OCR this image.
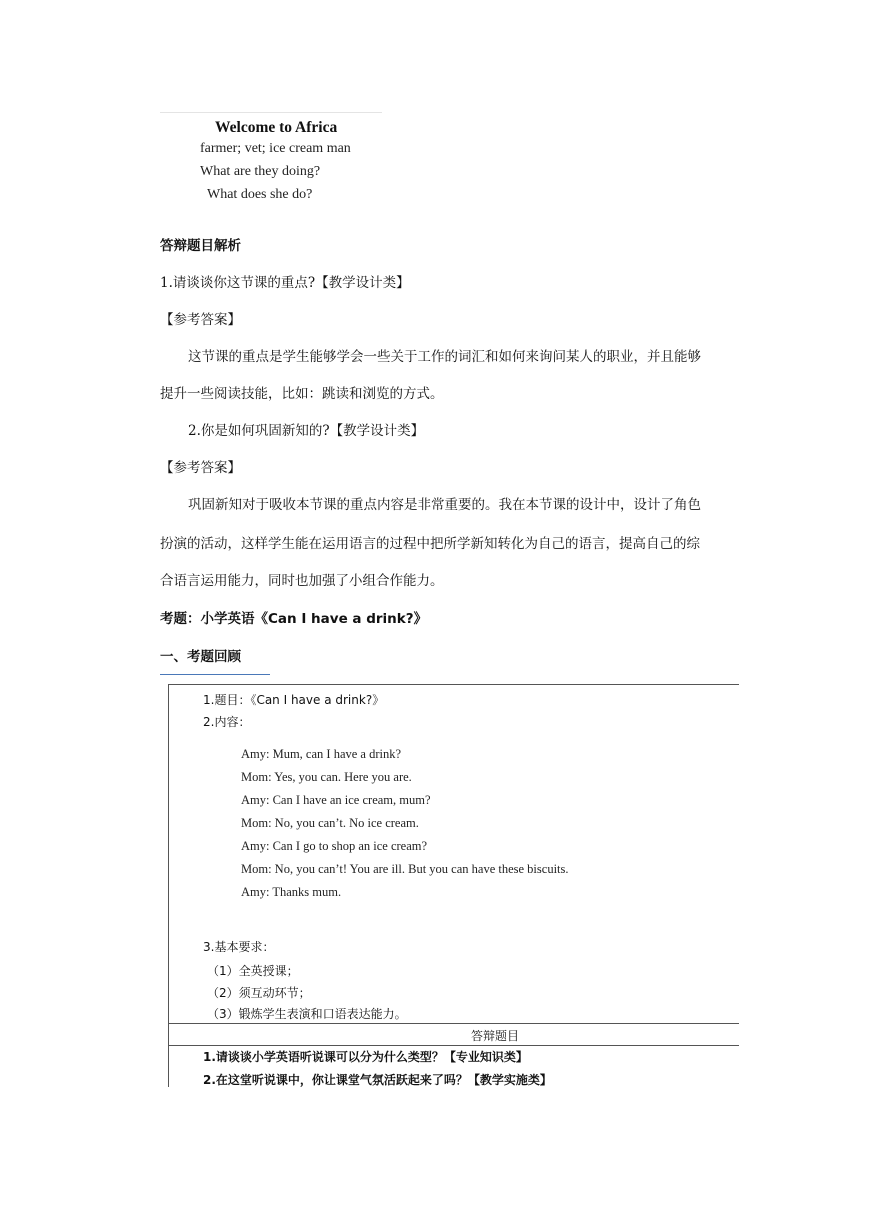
Welcome to Africa
farmer; vet; ice cream man
What are they doing?
What does she do?
答辩题目解析
1.请谈谈你这节课的重点?【教学设计类】
【参考答案】
这节课的重点是学生能够学会一些关于工作的词汇和如何来询问某人的职业，并且能够
提升一些阅读技能，比如：跳读和浏览的方式。
2.你是如何巩固新知的?【教学设计类】
【参考答案】
巩固新知对于吸收本节课的重点内容是非常重要的。我在本节课的设计中，设计了角色
扮演的活动，这样学生能在运用语言的过程中把所学新知转化为自己的语言，提高自己的综
合语言运用能力，同时也加强了小组合作能力。
考题：小学英语《Can I have a drink?》
一、考题回顾
1.题目：《Can I have a drink?》
2.内容：
Amy: Mum, can I have a drink?
Mom: Yes, you can. Here you are.
Amy: Can I have an ice cream, mum?
Mom: No, you can’t. No ice cream.
Amy: Can I go to shop an ice cream?
Mom: No, you can’t! You are ill. But you can have these biscuits.
Amy: Thanks mum.
3.基本要求：
（1）全英授课；
（2）须互动环节；
（3）锻炼学生表演和口语表达能力。
答辩题目
1.请谈谈小学英语听说课可以分为什么类型？【专业知识类】
2.在这堂听说课中，你让课堂气氛活跃起来了吗？【教学实施类】
